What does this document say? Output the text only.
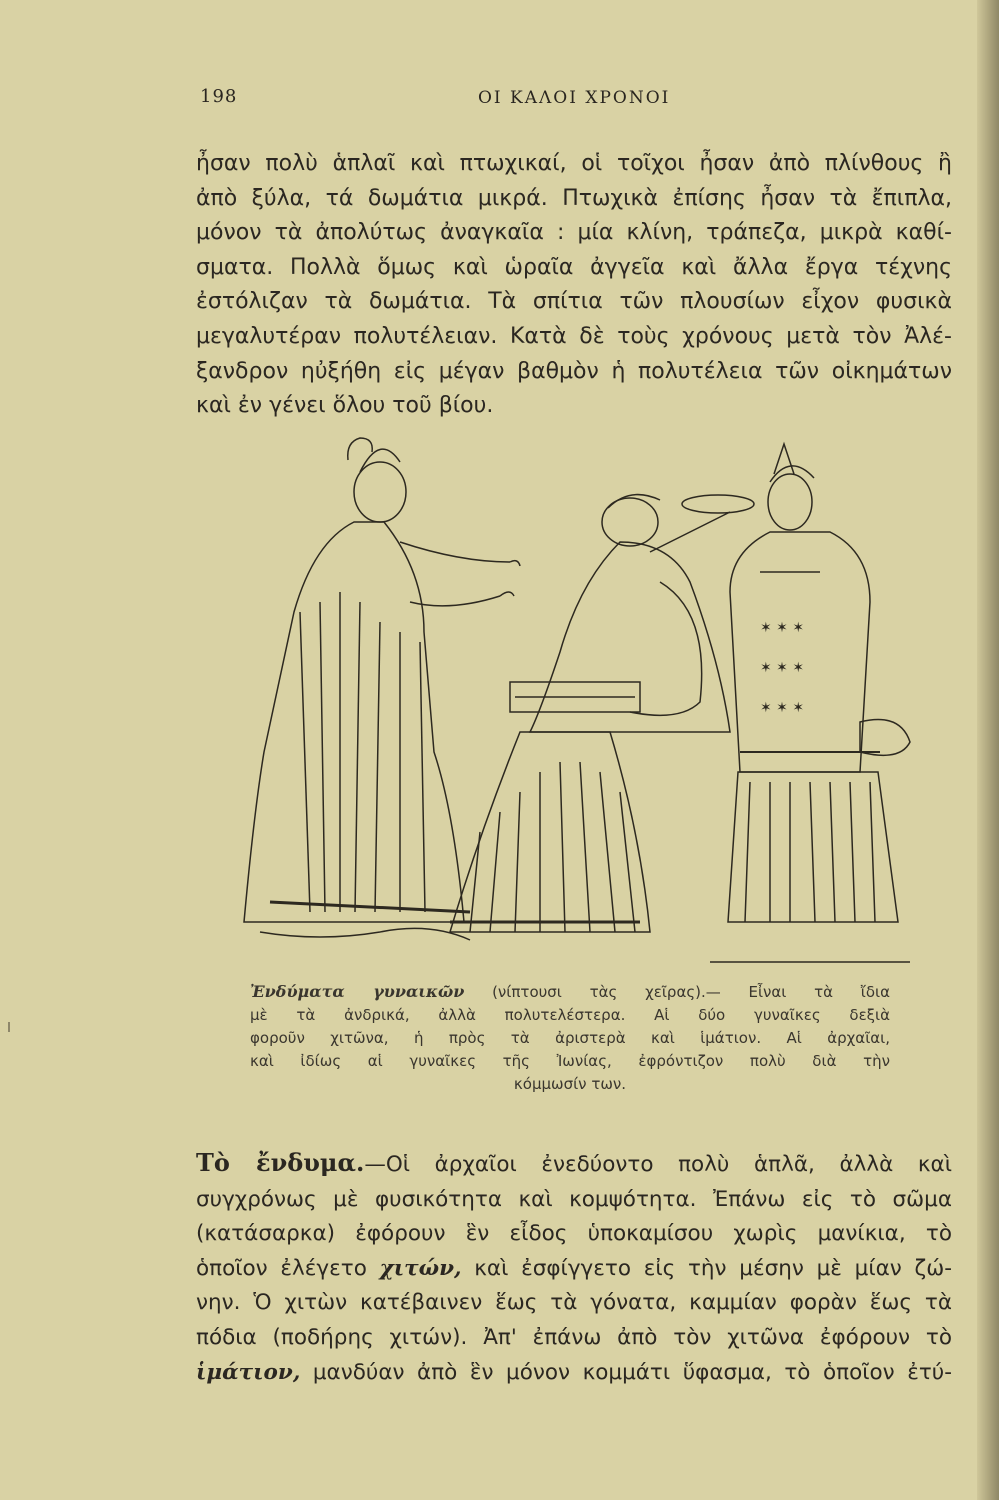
198	ΟΙ ΚΑΛΟΙ ΧΡΟΝΟΙ
ἦσαν πολὺ ἁπλαῖ καὶ πτωχικαί, οἱ τοῖχοι ἦσαν ἀπὸ πλίνθους ἢ
ἀπὸ ξύλα, τά δωμάτια μικρά. Πτωχικὰ ἐπίσης ἦσαν τὰ ἔπιπλα,
μόνον τὰ ἀπολύτως ἀναγκαῖα : μία κλίνη, τράπεζα, μικρὰ καθί-
σματα. Πολλὰ ὅμως καὶ ὡραῖα ἀγγεῖα καὶ ἄλλα ἔργα τέχνης
ἐστόλιζαν τὰ δωμάτια. Τὰ σπίτια τῶν πλουσίων εἶχον φυσικὰ
μεγαλυτέραν πολυτέλειαν. Κατὰ δὲ τοὺς χρόνους μετὰ τὸν Ἀλέ-
ξανδρον ηὐξήθη εἰς μέγαν βαθμὸν ἡ πολυτέλεια τῶν οἰκημάτων
καὶ ἐν γένει ὅλου τοῦ βίου.
✶ ✶ ✶
✶ ✶ ✶
✶ ✶ ✶
Ἐνδύματα γυναικῶν (νίπτουσι τὰς χεῖρας).— Εἶναι τὰ ἴδια
μὲ τὰ ἀνδρικά, ἀλλὰ πολυτελέστερα. Αἱ δύο γυναῖκες δεξιὰ
φοροῦν χιτῶνα, ἡ πρὸς τὰ ἀριστερὰ καὶ ἱμάτιον. Αἱ ἀρχαῖαι,
καὶ ἰδίως αἱ γυναῖκες τῆς Ἰωνίας, ἐφρόντιζον πολὺ διὰ τὴν
κόμμωσίν των.
Τὸ ἔνδυμα.—Οἱ ἀρχαῖοι ἐνεδύοντο πολὺ ἁπλᾶ, ἀλλὰ καὶ
συγχρόνως μὲ φυσικότητα καὶ κομψότητα. Ἐπάνω εἰς τὸ σῶμα
(κατάσαρκα) ἐφόρουν ἓν εἶδος ὑποκαμίσου χωρὶς μανίκια, τὸ
ὁποῖον ἐλέγετο χιτών, καὶ ἐσφίγγετο εἰς τὴν μέσην μὲ μίαν ζώ-
νην. Ὁ χιτὼν κατέβαινεν ἕως τὰ γόνατα, καμμίαν φορὰν ἕως τὰ
πόδια (ποδήρης χιτών). Ἀπ' ἐπάνω ἀπὸ τὸν χιτῶνα ἐφόρουν τὸ
ἱμάτιον, μανδύαν ἀπὸ ἓν μόνον κομμάτι ὕφασμα, τὸ ὁποῖον ἐτύ-
